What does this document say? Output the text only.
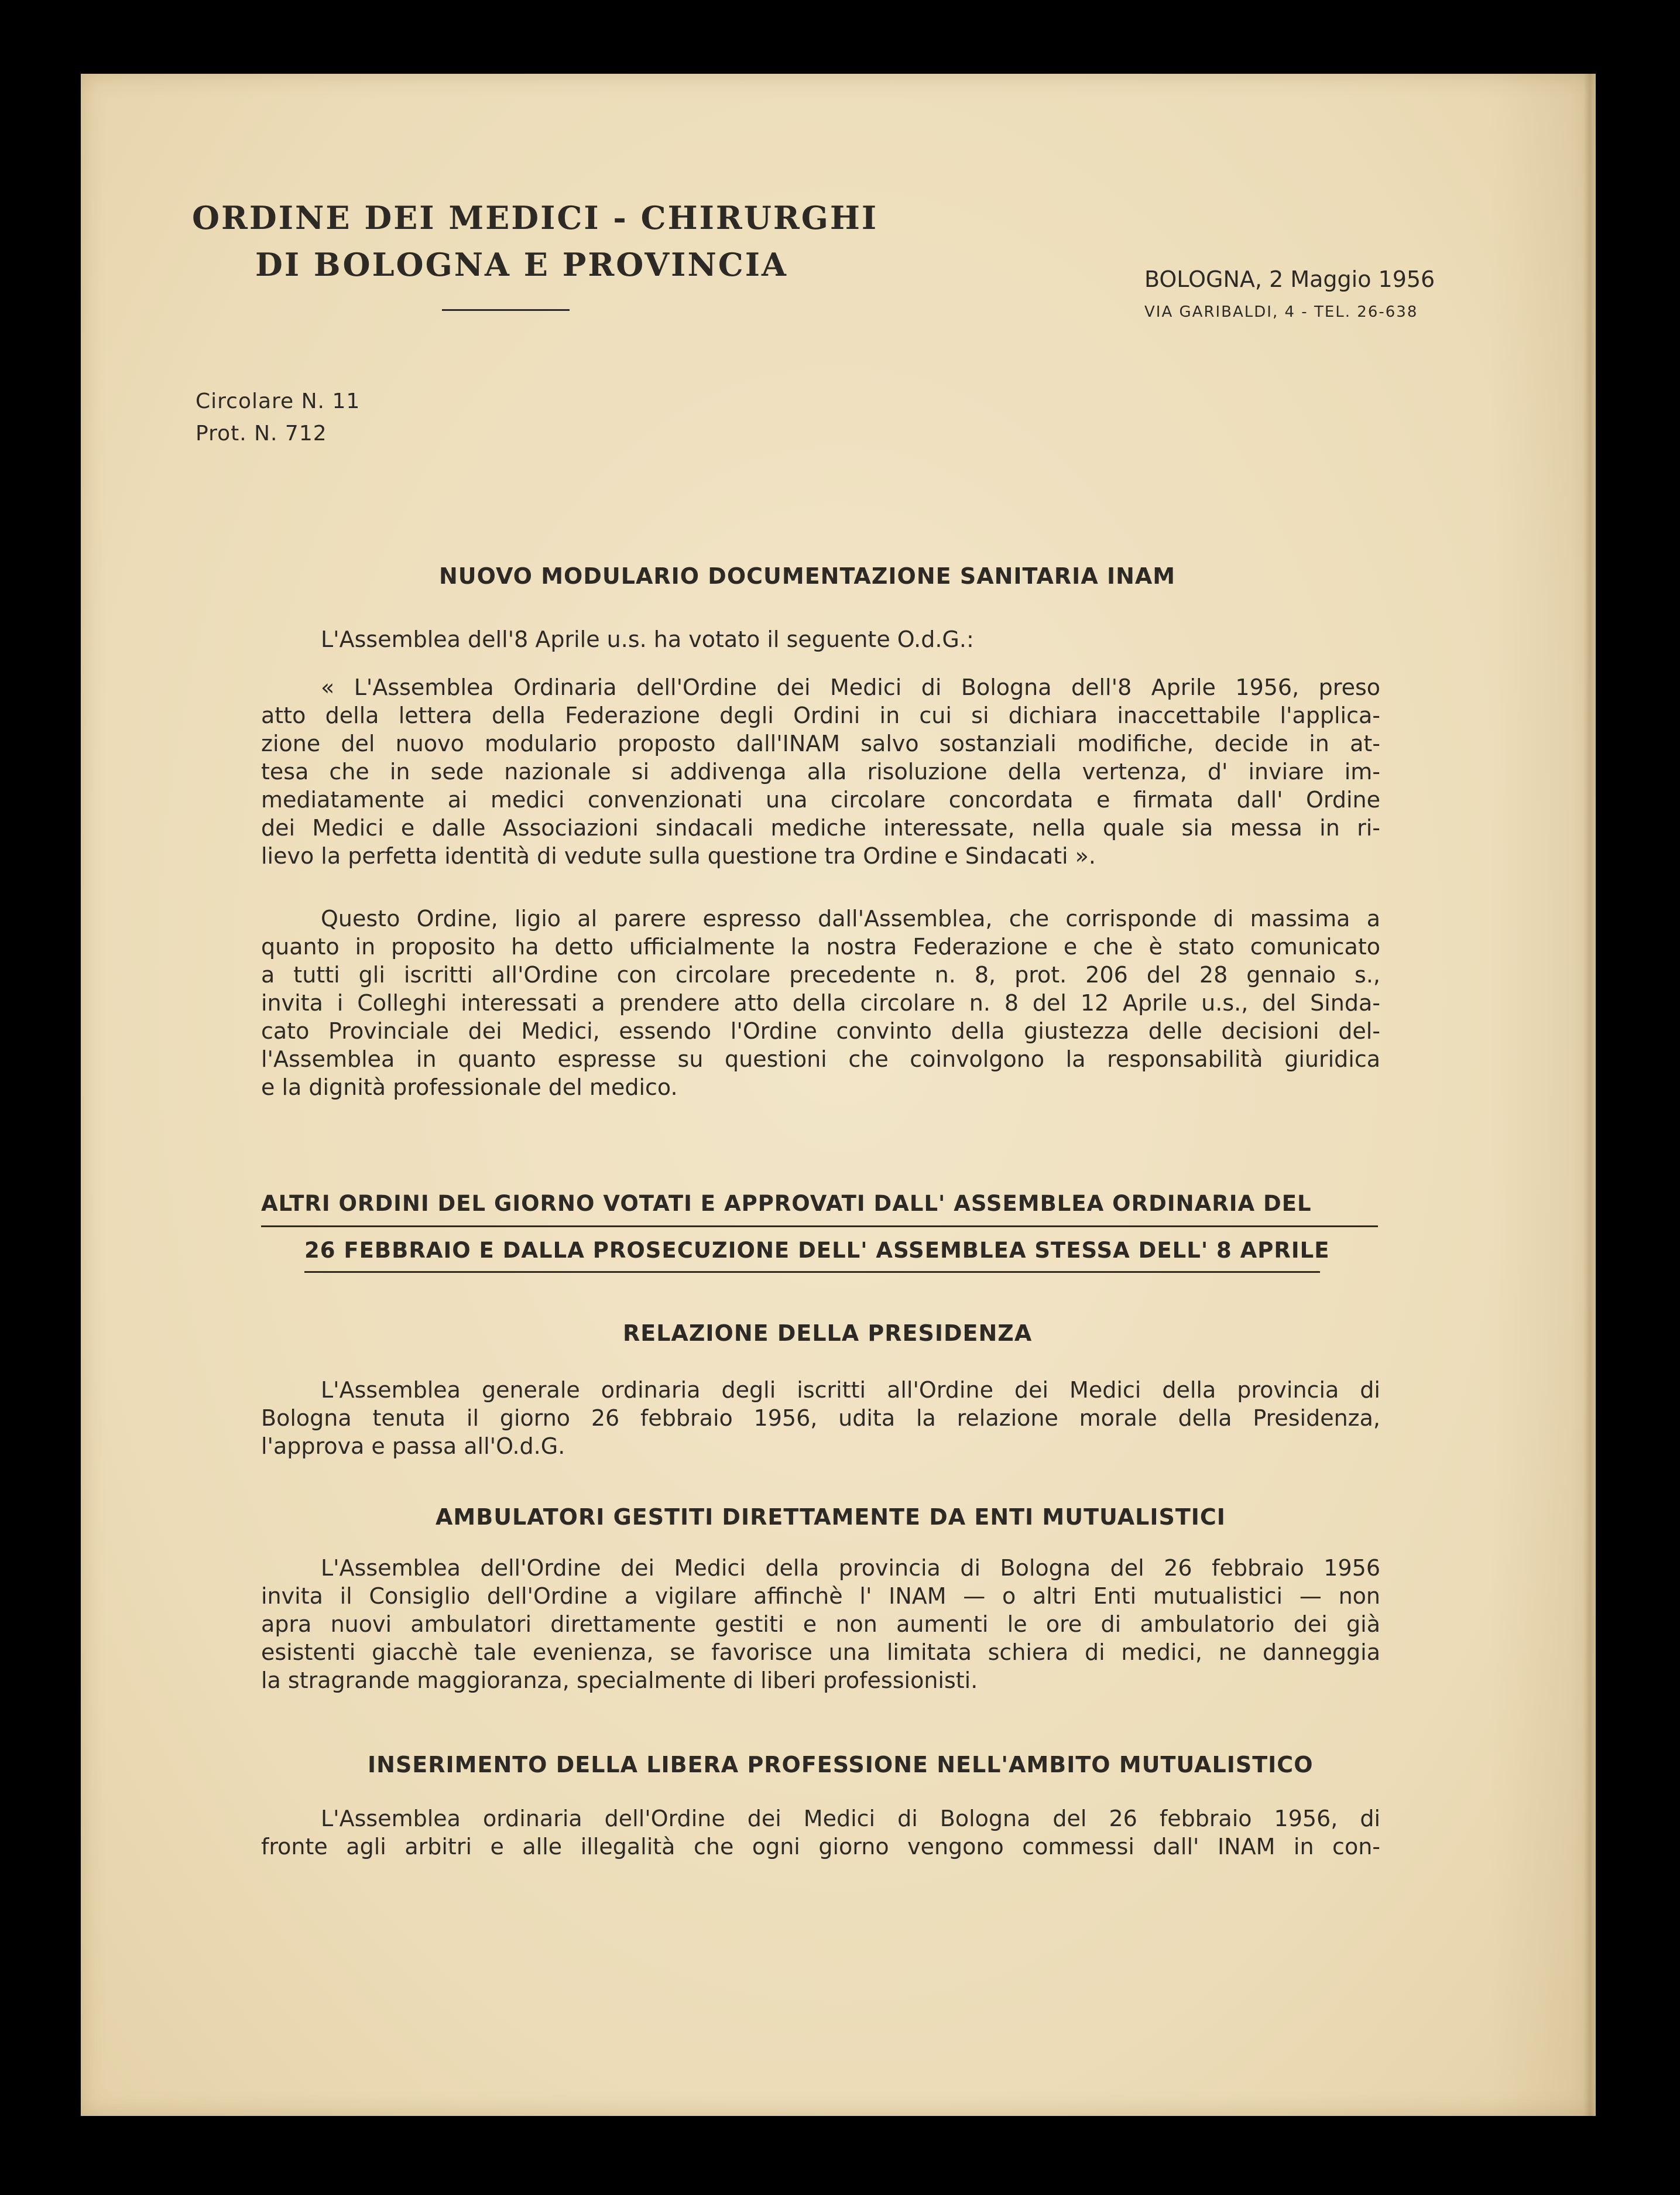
ORDINE DEI MEDICI - CHIRURGHI
DI BOLOGNA E PROVINCIA	BOLOGNA, 2 Maggio 1956
VIA GARIBALDI, 4 - TEL. 26-638
Circolare N. 11
Prot. N. 712
NUOVO MODULARIO DOCUMENTAZIONE SANITARIA INAM
L'Assemblea dell'8 Aprile u.s. ha votato il seguente O.d.G.:
« L'Assemblea Ordinaria dell'Ordine dei Medici di Bologna dell'8 Aprile 1956, preso
atto della lettera della Federazione degli Ordini in cui si dichiara inaccettabile l'applica-
zione del nuovo modulario proposto dall'INAM salvo sostanziali modifiche, decide in at-
tesa che in sede nazionale si addivenga alla risoluzione della vertenza, d' inviare im-
mediatamente ai medici convenzionati una circolare concordata e firmata dall' Ordine
dei Medici e dalle Associazioni sindacali mediche interessate, nella quale sia messa in ri-
lievo la perfetta identità di vedute sulla questione tra Ordine e Sindacati ».
Questo Ordine, ligio al parere espresso dall'Assemblea, che corrisponde di massima a
quanto in proposito ha detto ufficialmente la nostra Federazione e che è stato comunicato
a tutti gli iscritti all'Ordine con circolare precedente n. 8, prot. 206 del 28 gennaio s.,
invita i Colleghi interessati a prendere atto della circolare n. 8 del 12 Aprile u.s., del Sinda-
cato Provinciale dei Medici, essendo l'Ordine convinto della giustezza delle decisioni del-
l'Assemblea in quanto espresse su questioni che coinvolgono la responsabilità giuridica
e la dignità professionale del medico.
ALTRI ORDINI DEL GIORNO VOTATI E APPROVATI DALL' ASSEMBLEA ORDINARIA DEL
26 FEBBRAIO E DALLA PROSECUZIONE DELL' ASSEMBLEA STESSA DELL' 8 APRILE
RELAZIONE DELLA PRESIDENZA
L'Assemblea generale ordinaria degli iscritti all'Ordine dei Medici della provincia di
Bologna tenuta il giorno 26 febbraio 1956, udita la relazione morale della Presidenza,
l'approva e passa all'O.d.G.
AMBULATORI GESTITI DIRETTAMENTE DA ENTI MUTUALISTICI
L'Assemblea dell'Ordine dei Medici della provincia di Bologna del 26 febbraio 1956
invita il Consiglio dell'Ordine a vigilare affinchè l' INAM — o altri Enti mutualistici — non
apra nuovi ambulatori direttamente gestiti e non aumenti le ore di ambulatorio dei già
esistenti giacchè tale evenienza, se favorisce una limitata schiera di medici, ne danneggia
la stragrande maggioranza, specialmente di liberi professionisti.
INSERIMENTO DELLA LIBERA PROFESSIONE NELL'AMBITO MUTUALISTICO
L'Assemblea ordinaria dell'Ordine dei Medici di Bologna del 26 febbraio 1956, di
fronte agli arbitri e alle illegalità che ogni giorno vengono commessi dall' INAM in con-
